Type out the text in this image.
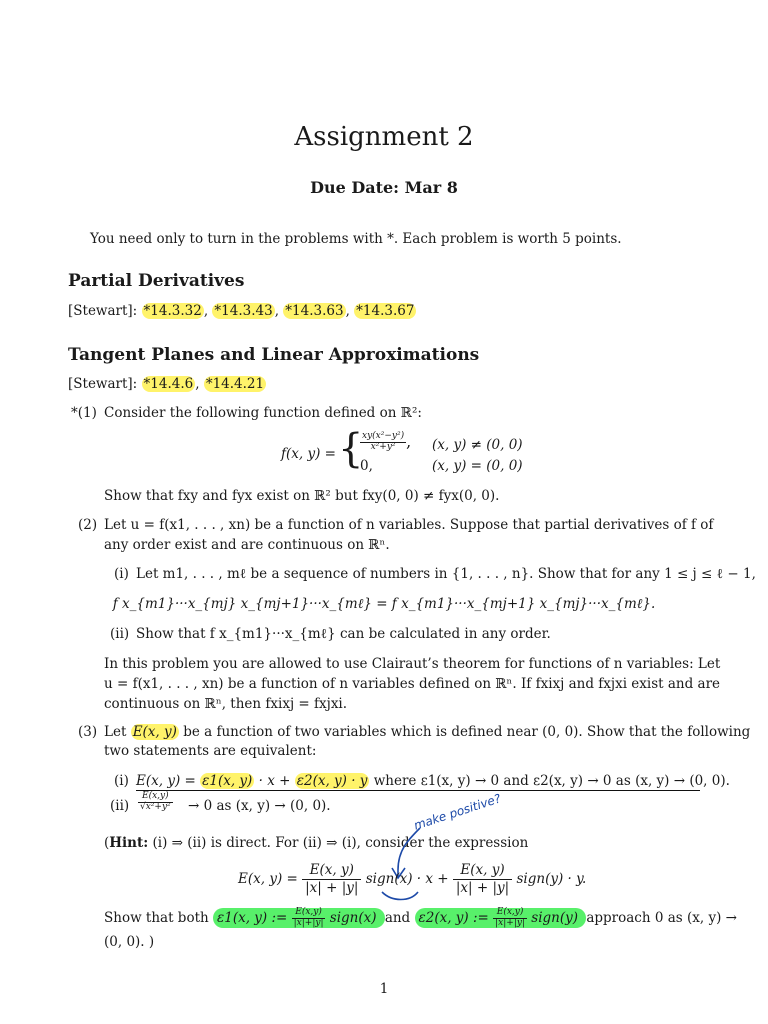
Assignment 2
Due Date: Mar 8
You need only to turn in the problems with *. Each problem is worth 5 points.
Partial Derivatives
[Stewart]: *14.3.32 , *14.3.43 , *14.3.63 , *14.3.67
Tangent Planes and Linear Approximations
[Stewart]: *14.4.6 , *14.4.21
*(1) Consider the following function defined on ℝ²:
f(x, y) = {
$\frac{\text{xy(x²−y²)}}{\text{x²+y²}}$ , (x, y) ≠ (0, 0)
0,	(x, y) = (0, 0)
Show that fxy and fyx exist on ℝ² but fxy(0, 0) ≠ fyx(0, 0).
(2) Let u = f(x1, . . . , xn) be a function of n variables. Suppose that partial derivatives of f of
any order exist and are continuous on ℝⁿ.
(i) Let m1, . . . , mℓ be a sequence of numbers in {1, . . . , n}. Show that for any 1 ≤ j ≤ ℓ − 1,
f x_{m1}···x_{mj} x_{mj+1}···x_{mℓ} = f x_{m1}···x_{mj+1} x_{mj}···x_{mℓ}.
(ii) Show that f x_{m1}···x_{mℓ} can be calculated in any order.
In this problem you are allowed to use Clairaut’s theorem for functions of n variables: Let
u = f(x1, . . . , xn) be a function of n variables defined on ℝⁿ. If fxixj and fxjxi exist and are
continuous on ℝⁿ, then fxixj = fxjxi.
(3) Let E(x, y) be a function of two variables which is defined near (0, 0). Show that the following
two statements are equivalent:
(i) E(x, y) = ε1(x, y) · x + ε2(x, y) · y where ε1(x, y) → 0 and ε2(x, y) → 0 as (x, y) → (0, 0).
$(ii) \frac{E(x,y)}{\text{√x²+y²}} \to 0$ as (x, y) → (0, 0).
(Hint: (i) ⇒ (ii) is direct. For (ii) ⇒ (i), consider the expression
make positive?
E(x, $y) = \frac{E(x, y)}{|x| + |y|}$ sign(x) · $x + \frac{E(x, y)}{|x| + |y|}$ sign(y) · y.
Show that both ε1(x, y) := $\frac{E(x,y)}{|x|+|y|}$ sign(x) and ε2(x, y) := $\frac{E(x,y)}{|x|+|y|}$ sign(y) approach 0 as (x, y) →
(0, 0). )
1
